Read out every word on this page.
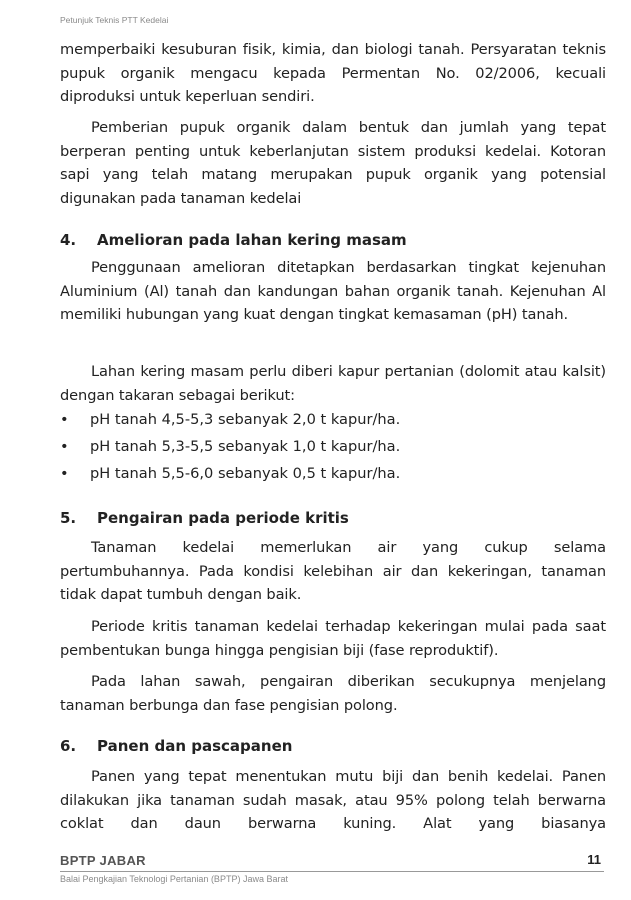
Petunjuk Teknis PTT Kedelai

memperbaiki kesuburan fisik, kimia, dan biologi tanah. Persyaratan teknis pupuk organik mengacu kepada Permentan No. 02/2006, kecuali diproduksi untuk keperluan sendiri.

Pemberian pupuk organik dalam bentuk dan jumlah yang tepat berperan penting untuk keberlanjutan sistem produksi kedelai. Kotoran sapi yang telah matang merupakan pupuk organik yang potensial digunakan pada tanaman kedelai

4. Amelioran pada lahan kering masam

Penggunaan amelioran ditetapkan berdasarkan tingkat kejenuhan Aluminium (Al) tanah dan kandungan bahan organik tanah. Kejenuhan Al memiliki hubungan yang kuat dengan tingkat kemasaman (pH) tanah.

Lahan kering masam perlu diberi kapur pertanian (dolomit atau kalsit) dengan takaran sebagai berikut:

• pH tanah 4,5-5,3 sebanyak 2,0 t kapur/ha.
• pH tanah 5,3-5,5 sebanyak 1,0 t kapur/ha.
• pH tanah 5,5-6,0 sebanyak 0,5 t kapur/ha.
5. Pengairan pada periode kritis

Tanaman kedelai memerlukan air yang cukup selama pertumbuhannya. Pada kondisi kelebihan air dan kekeringan, tanaman tidak dapat tumbuh dengan baik.

Periode kritis tanaman kedelai terhadap kekeringan mulai pada saat pembentukan bunga hingga pengisian biji (fase reproduktif).

Pada lahan sawah, pengairan diberikan secukupnya menjelang tanaman berbunga dan fase pengisian polong.

6. Panen dan pascapanen

Panen yang tepat menentukan mutu biji dan benih kedelai. Panen dilakukan jika tanaman sudah masak, atau 95% polong telah berwarna coklat dan daun berwarna kuning. Alat yang biasanya

BPTP JABAR	11
Balai Pengkajian Teknologi Pertanian (BPTP) Jawa Barat
